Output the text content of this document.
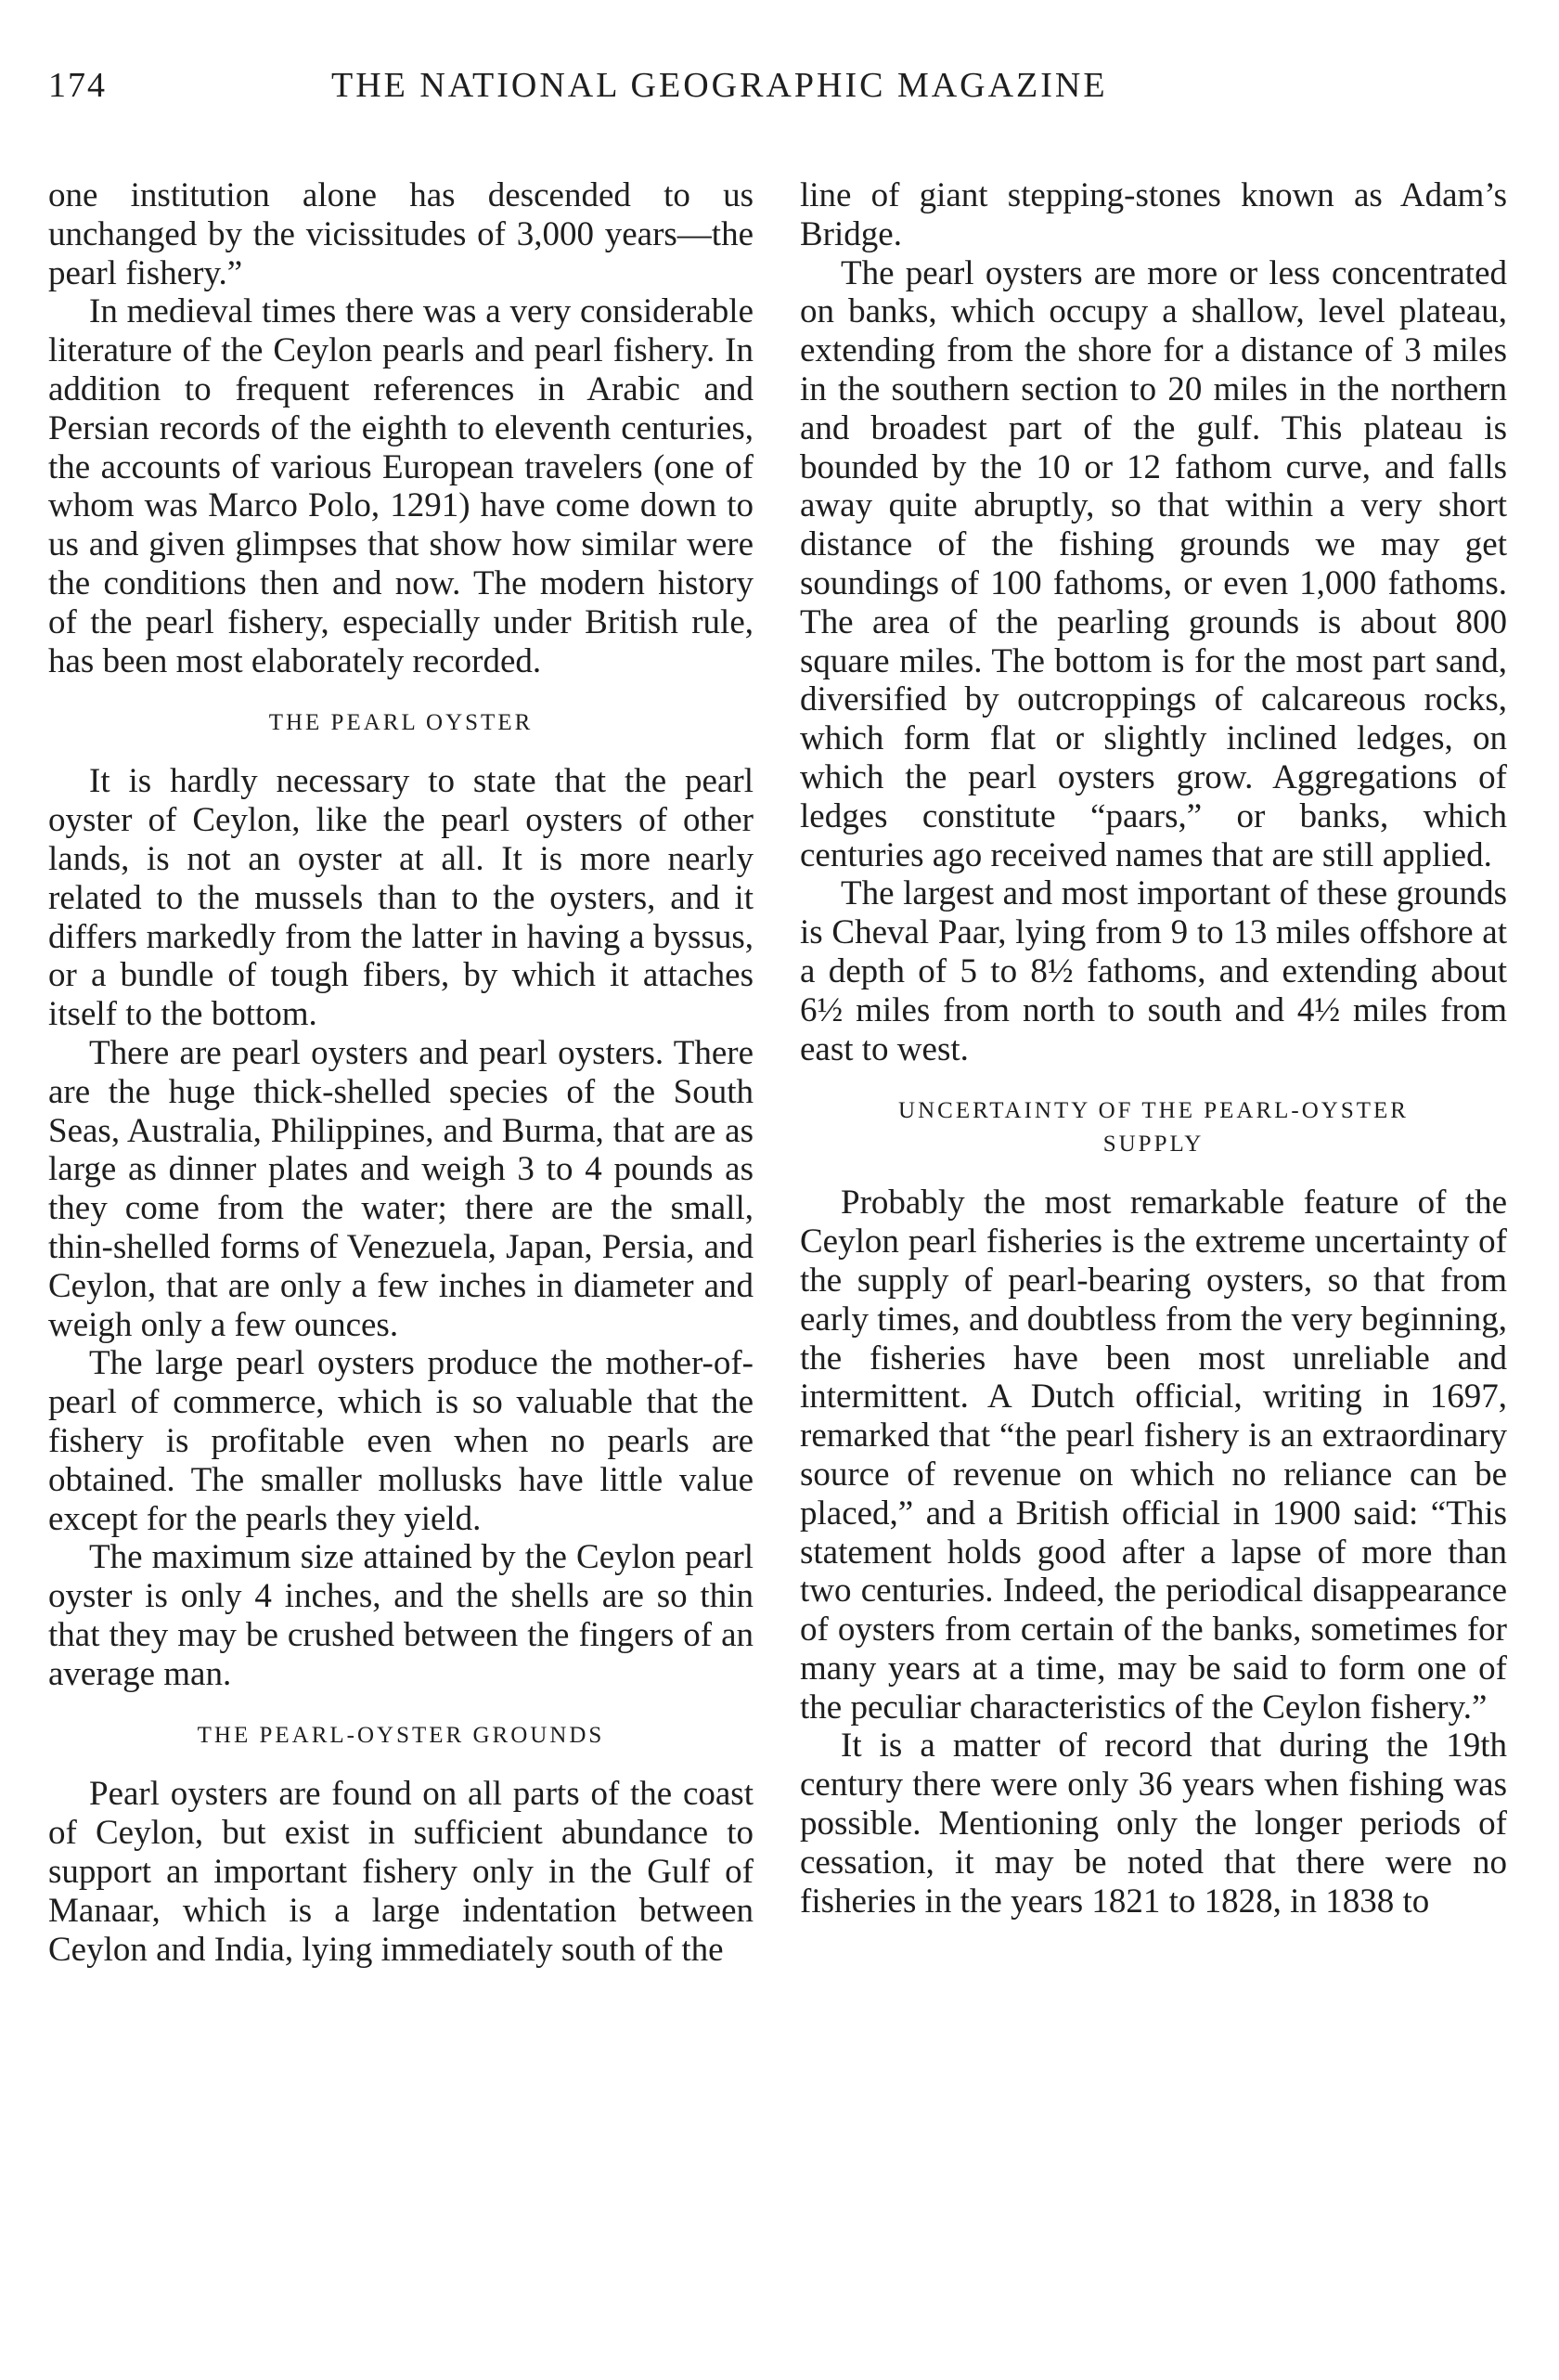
174	THE NATIONAL GEOGRAPHIC MAGAZINE

one institution alone has descended to us unchanged by the vicissitudes of 3,000 years—the pearl fishery.”

In medieval times there was a very considerable literature of the Ceylon pearls and pearl fishery. In addition to frequent references in Arabic and Persian records of the eighth to eleventh centuries, the accounts of various European travelers (one of whom was Marco Polo, 1291) have come down to us and given glimpses that show how similar were the conditions then and now. The modern history of the pearl fishery, especially under British rule, has been most elaborately recorded.

THE PEARL OYSTER

It is hardly necessary to state that the pearl oyster of Ceylon, like the pearl oysters of other lands, is not an oyster at all. It is more nearly related to the mussels than to the oysters, and it differs markedly from the latter in having a byssus, or a bundle of tough fibers, by which it attaches itself to the bottom.

There are pearl oysters and pearl oysters. There are the huge thick-shelled species of the South Seas, Australia, Philippines, and Burma, that are as large as dinner plates and weigh 3 to 4 pounds as they come from the water; there are the small, thin-shelled forms of Venezuela, Japan, Persia, and Ceylon, that are only a few inches in diameter and weigh only a few ounces.

The large pearl oysters produce the mother-of-pearl of commerce, which is so valuable that the fishery is profitable even when no pearls are obtained. The smaller mollusks have little value except for the pearls they yield.

The maximum size attained by the Ceylon pearl oyster is only 4 inches, and the shells are so thin that they may be crushed between the fingers of an average man.

THE PEARL-OYSTER GROUNDS

Pearl oysters are found on all parts of the coast of Ceylon, but exist in sufficient abundance to support an important fishery only in the Gulf of Manaar, which is a large indentation between Ceylon and India, lying immediately south of the

line of giant stepping-stones known as Adam’s Bridge.

The pearl oysters are more or less concentrated on banks, which occupy a shallow, level plateau, extending from the shore for a distance of 3 miles in the southern section to 20 miles in the northern and broadest part of the gulf. This plateau is bounded by the 10 or 12 fathom curve, and falls away quite abruptly, so that within a very short distance of the fishing grounds we may get soundings of 100 fathoms, or even 1,000 fathoms. The area of the pearling grounds is about 800 square miles. The bottom is for the most part sand, diversified by outcroppings of calcareous rocks, which form flat or slightly inclined ledges, on which the pearl oysters grow. Aggregations of ledges constitute “paars,” or banks, which centuries ago received names that are still applied.

The largest and most important of these grounds is Cheval Paar, lying from 9 to 13 miles offshore at a depth of 5 to 8½ fathoms, and extending about 6½ miles from north to south and 4½ miles from east to west.

UNCERTAINTY OF THE PEARL-OYSTER
SUPPLY

Probably the most remarkable feature of the Ceylon pearl fisheries is the extreme uncertainty of the supply of pearl-bearing oysters, so that from early times, and doubtless from the very beginning, the fisheries have been most unreliable and intermittent. A Dutch official, writing in 1697, remarked that “the pearl fishery is an extraordinary source of revenue on which no reliance can be placed,” and a British official in 1900 said: “This statement holds good after a lapse of more than two centuries. Indeed, the periodical disappearance of oysters from certain of the banks, sometimes for many years at a time, may be said to form one of the peculiar characteristics of the Ceylon fishery.”

It is a matter of record that during the 19th century there were only 36 years when fishing was possible. Mentioning only the longer periods of cessation, it may be noted that there were no fisheries in the years 1821 to 1828, in 1838 to
